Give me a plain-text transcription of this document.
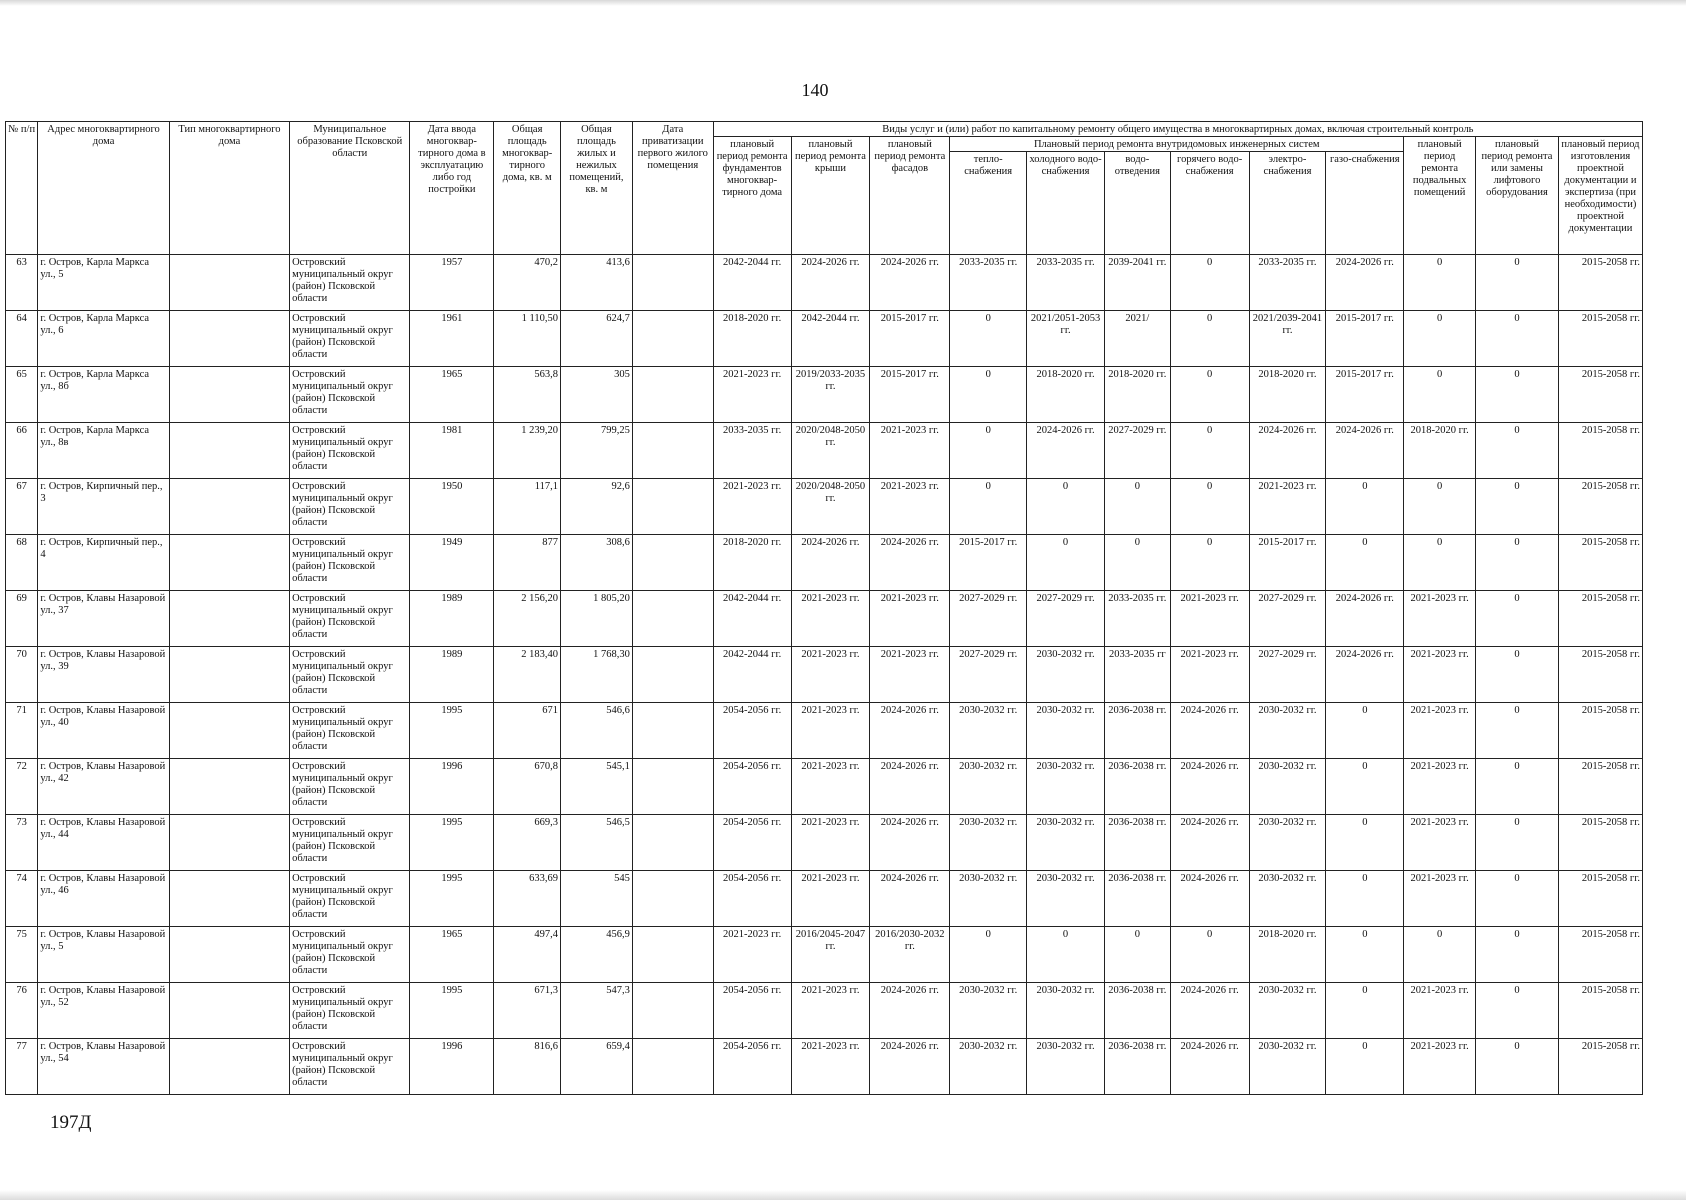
140
№ п/п	Адрес многоквартирного дома	Тип многоквартирного дома	Муниципальное образование Псковской области	Дата ввода многоквар-тирного дома в эксплуатацию либо год постройки	Общая площадь многоквар-тирного дома, кв. м	Общая площадь жилых и нежилых помещений, кв. м	Дата приватизации первого жилого помещения	Виды услуг и (или) работ по капитальному ремонту общего имущества в многоквартирных домах, включая строительный контроль											
								плановый период ремонта фундаментов многоквар-тирного дома	плановый период ремонта крыши	плановый период ремонта фасадов	Плановый период ремонта внутридомовых инженерных систем						плановый период ремонта подвальных помещений	плановый период ремонта или замены лифтового оборудования	плановый период изготовления проектной документации и экспертиза (при необходимости) проектной документации
											тепло-снабжения	холодного водо-снабжения	водо-отведения	горячего водо-снабжения	электро-снабжения	газо-снабжения			
63	г. Остров, Карла Маркса ул., 5		Островский муниципальный округ (район) Псковской области	1957	470,2	413,6		2042-2044 гг.	2024-2026 гг.	2024-2026 гг.	2033-2035 гг.	2033-2035 гг.	2039-2041 гг.	0	2033-2035 гг.	2024-2026 гг.	0	0	2015-2058 гг.
64	г. Остров, Карла Маркса ул., 6		Островский муниципальный округ (район) Псковской области	1961	1 110,50	624,7		2018-2020 гг.	2042-2044 гг.	2015-2017 гг.	0	2021/2051-2053 гг.	2021/	0	2021/2039-2041 гг.	2015-2017 гг.	0	0	2015-2058 гг.
65	г. Остров, Карла Маркса ул., 8б		Островский муниципальный округ (район) Псковской области	1965	563,8	305		2021-2023 гг.	2019/2033-2035 гг.	2015-2017 гг.	0	2018-2020 гг.	2018-2020 гг.	0	2018-2020 гг.	2015-2017 гг.	0	0	2015-2058 гг.
66	г. Остров, Карла Маркса ул., 8в		Островский муниципальный округ (район) Псковской области	1981	1 239,20	799,25		2033-2035 гг.	2020/2048-2050 гг.	2021-2023 гг.	0	2024-2026 гг.	2027-2029 гг.	0	2024-2026 гг.	2024-2026 гг.	2018-2020 гг.	0	2015-2058 гг.
67	г. Остров, Кирпичный пер., 3		Островский муниципальный округ (район) Псковской области	1950	117,1	92,6		2021-2023 гг.	2020/2048-2050 гг.	2021-2023 гг.	0	0	0	0	2021-2023 гг.	0	0	0	2015-2058 гг.
68	г. Остров, Кирпичный пер., 4		Островский муниципальный округ (район) Псковской области	1949	877	308,6		2018-2020 гг.	2024-2026 гг.	2024-2026 гг.	2015-2017 гг.	0	0	0	2015-2017 гг.	0	0	0	2015-2058 гг.
69	г. Остров, Клавы Назаровой ул., 37		Островский муниципальный округ (район) Псковской области	1989	2 156,20	1 805,20		2042-2044 гг.	2021-2023 гг.	2021-2023 гг.	2027-2029 гг.	2027-2029 гг.	2033-2035 гг.	2021-2023 гг.	2027-2029 гг.	2024-2026 гг.	2021-2023 гг.	0	2015-2058 гг.
70	г. Остров, Клавы Назаровой ул., 39		Островский муниципальный округ (район) Псковской области	1989	2 183,40	1 768,30		2042-2044 гг.	2021-2023 гг.	2021-2023 гг.	2027-2029 гг.	2030-2032 гг.	2033-2035 гг	2021-2023 гг.	2027-2029 гг.	2024-2026 гг.	2021-2023 гг.	0	2015-2058 гг.
71	г. Остров, Клавы Назаровой ул., 40		Островский муниципальный округ (район) Псковской области	1995	671	546,6		2054-2056 гг.	2021-2023 гг.	2024-2026 гг.	2030-2032 гг.	2030-2032 гг.	2036-2038 гг.	2024-2026 гг.	2030-2032 гг.	0	2021-2023 гг.	0	2015-2058 гг.
72	г. Остров, Клавы Назаровой ул., 42		Островский муниципальный округ (район) Псковской области	1996	670,8	545,1		2054-2056 гг.	2021-2023 гг.	2024-2026 гг.	2030-2032 гг.	2030-2032 гг.	2036-2038 гг.	2024-2026 гг.	2030-2032 гг.	0	2021-2023 гг.	0	2015-2058 гг.
73	г. Остров, Клавы Назаровой ул., 44		Островский муниципальный округ (район) Псковской области	1995	669,3	546,5		2054-2056 гг.	2021-2023 гг.	2024-2026 гг.	2030-2032 гг.	2030-2032 гг.	2036-2038 гг.	2024-2026 гг.	2030-2032 гг.	0	2021-2023 гг.	0	2015-2058 гг.
74	г. Остров, Клавы Назаровой ул., 46		Островский муниципальный округ (район) Псковской области	1995	633,69	545		2054-2056 гг.	2021-2023 гг.	2024-2026 гг.	2030-2032 гг.	2030-2032 гг.	2036-2038 гг.	2024-2026 гг.	2030-2032 гг.	0	2021-2023 гг.	0	2015-2058 гг.
75	г. Остров, Клавы Назаровой ул., 5		Островский муниципальный округ (район) Псковской области	1965	497,4	456,9		2021-2023 гг.	2016/2045-2047 гг.	2016/2030-2032 гг.	0	0	0	0	2018-2020 гг.	0	0	0	2015-2058 гг.
76	г. Остров, Клавы Назаровой ул., 52		Островский муниципальный округ (район) Псковской области	1995	671,3	547,3		2054-2056 гг.	2021-2023 гг.	2024-2026 гг.	2030-2032 гг.	2030-2032 гг.	2036-2038 гг.	2024-2026 гг.	2030-2032 гг.	0	2021-2023 гг.	0	2015-2058 гг.
77	г. Остров, Клавы Назаровой ул., 54		Островский муниципальный округ (район) Псковской области	1996	816,6	659,4		2054-2056 гг.	2021-2023 гг.	2024-2026 гг.	2030-2032 гг.	2030-2032 гг.	2036-2038 гг.	2024-2026 гг.	2030-2032 гг.	0	2021-2023 гг.	0	2015-2058 гг.
197Д
